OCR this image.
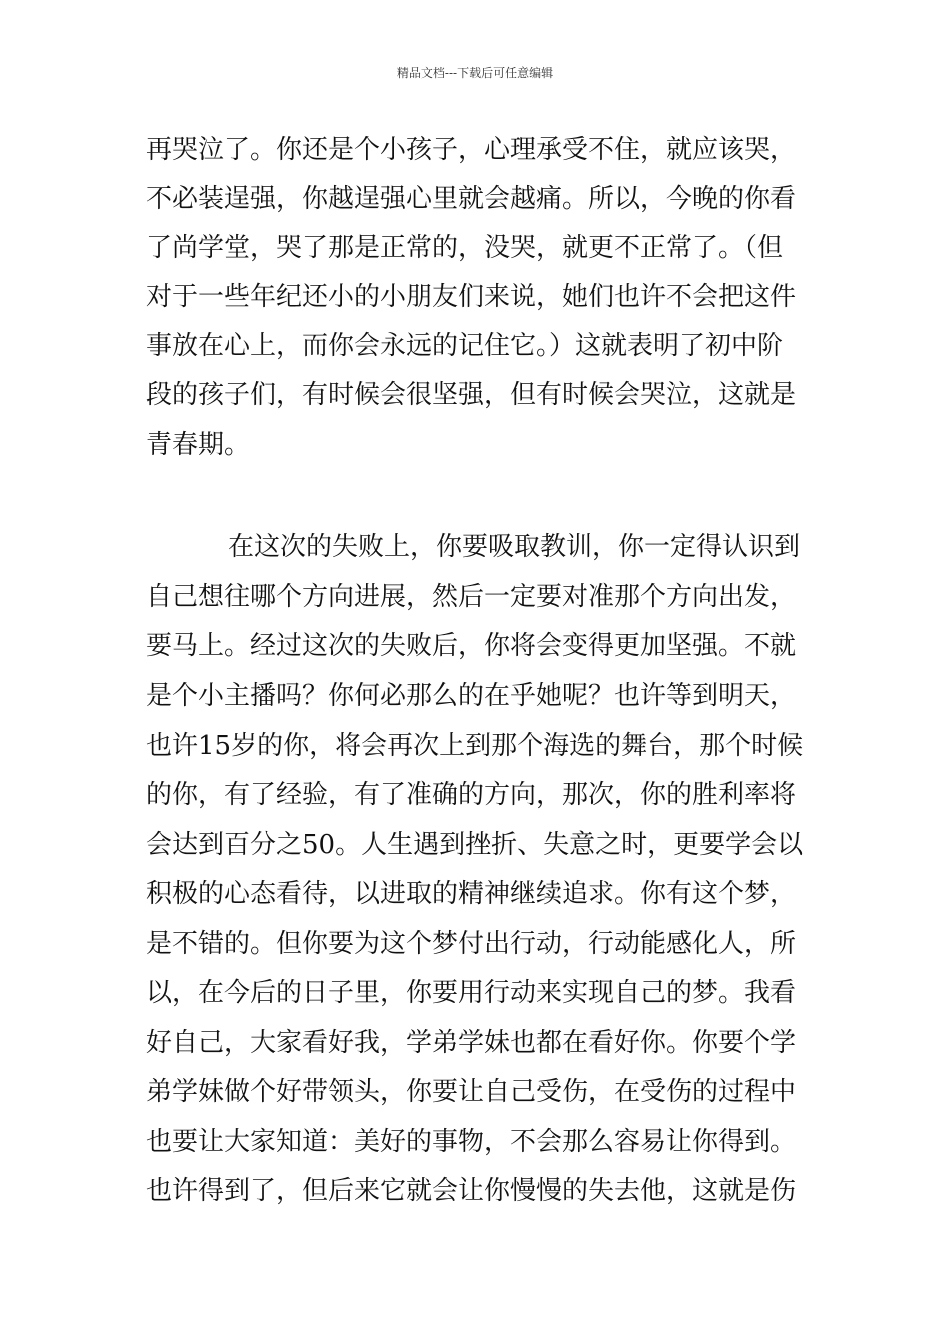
精品文档---下载后可任意编辑
再哭泣了。你还是个小孩子，心理承受不住，就应该哭，
不必装逞强，你越逞强心里就会越痛。所以，今晚的你看
了尚学堂，哭了那是正常的，没哭，就更不正常了。（但
对于一些年纪还小的小朋友们来说，她们也许不会把这件
事放在心上，而你会永远的记住它。）这就表明了初中阶
段的孩子们，有时候会很坚强，但有时候会哭泣，这就是
青春期。
在这次的失败上，你要吸取教训，你一定得认识到
自己想往哪个方向进展，然后一定要对准那个方向出发，
要马上。经过这次的失败后，你将会变得更加坚强。不就
是个小主播吗？你何必那么的在乎她呢？也许等到明天，
也许15岁的你，将会再次上到那个海选的舞台，那个时候
的你，有了经验，有了准确的方向，那次，你的胜利率将
会达到百分之50。人生遇到挫折、失意之时，更要学会以
积极的心态看待，以进取的精神继续追求。你有这个梦，
是不错的。但你要为这个梦付出行动，行动能感化人，所
以，在今后的日子里，你要用行动来实现自己的梦。我看
好自己，大家看好我，学弟学妹也都在看好你。你要个学
弟学妹做个好带领头，你要让自己受伤，在受伤的过程中
也要让大家知道：美好的事物，不会那么容易让你得到。
也许得到了，但后来它就会让你慢慢的失去他，这就是伤
